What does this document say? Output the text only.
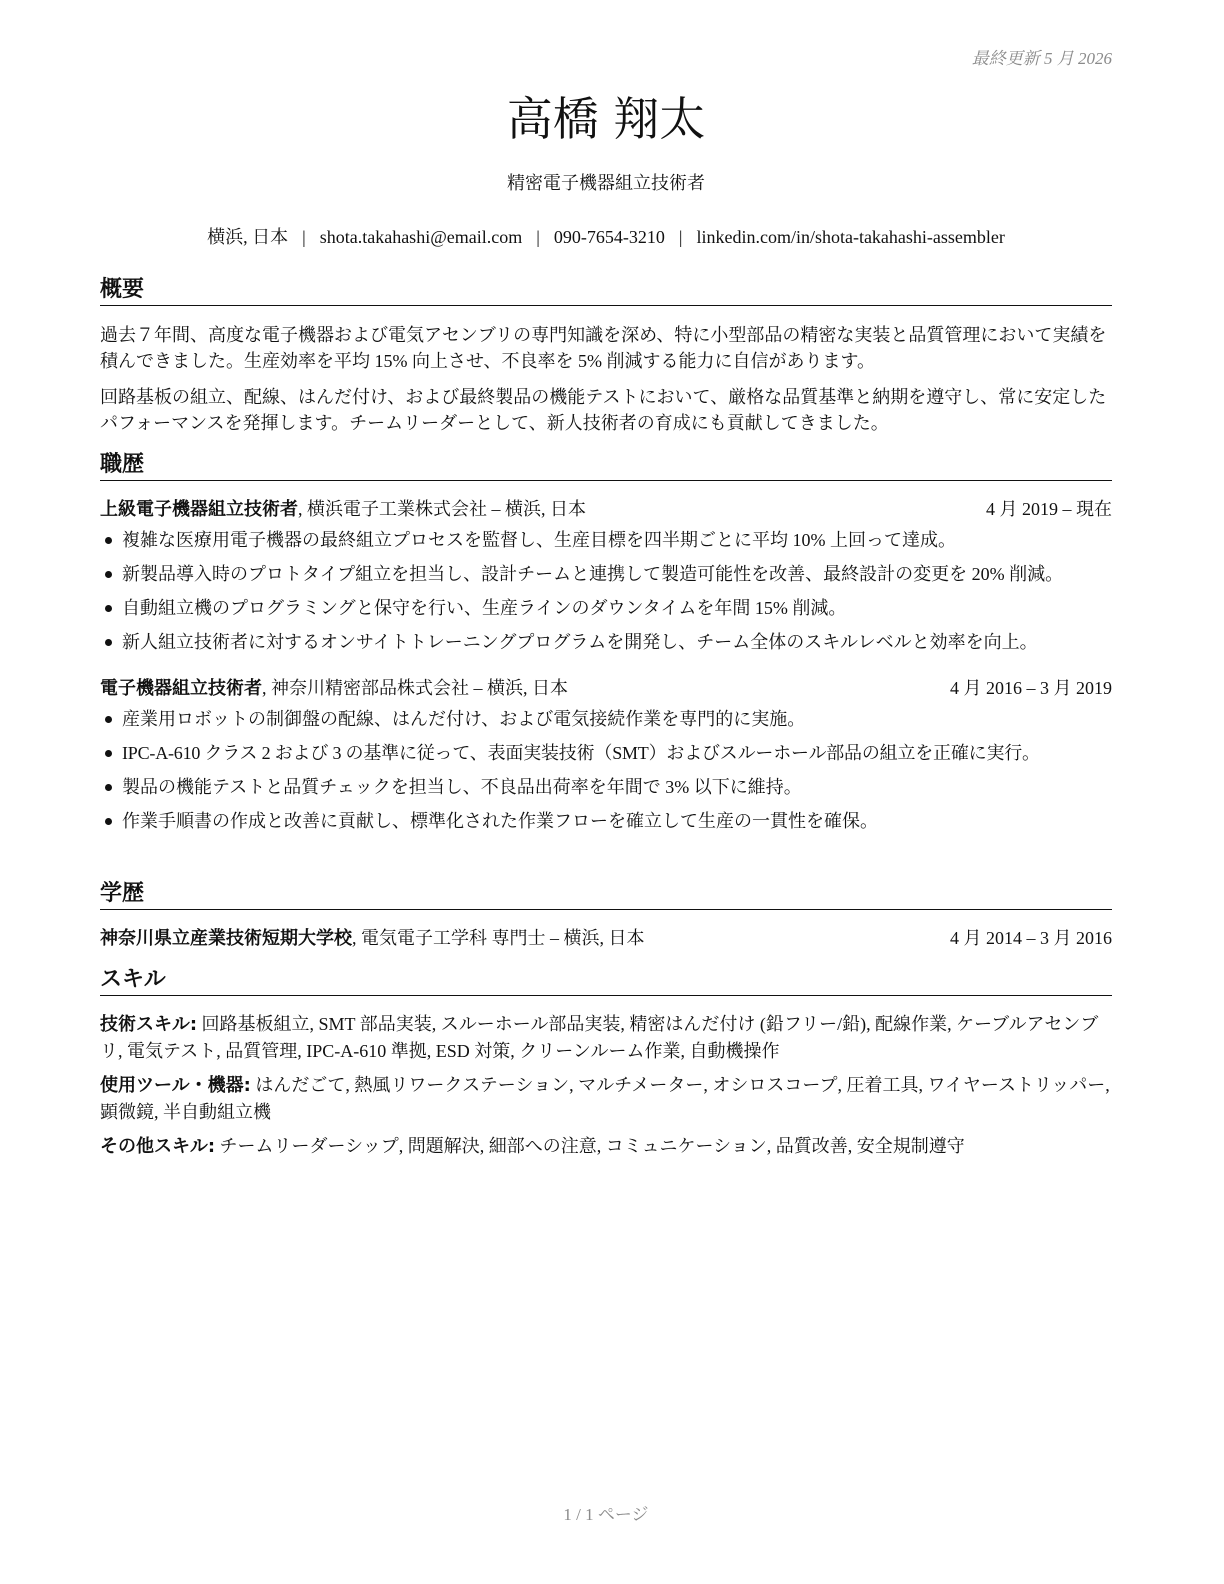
最終更新 5 月 2026
高橋 翔太
精密電子機器組立技術者
横浜, 日本 | shota.takahashi@email.com | 090-7654-3210 | linkedin.com/in/shota-takahashi-assembler
概要

過去７年間、高度な電子機器および電気アセンブリの専門知識を深め、特に小型部品の精密な実装と品質管理において実績を積んできました。生産効率を平均 15% 向上させ、不良率を 5% 削減する能力に自信があります。

回路基板の組立、配線、はんだ付け、および最終製品の機能テストにおいて、厳格な品質基準と納期を遵守し、常に安定したパフォーマンスを発揮します。チームリーダーとして、新人技術者の育成にも貢献してきました。

職歴
上級電子機器組立技術者, 横浜電子工業株式会社 – 横浜, 日本	4 月 2019 – 現在
複雑な医療用電子機器の最終組立プロセスを監督し、生産目標を四半期ごとに平均 10% 上回って達成。
新製品導入時のプロトタイプ組立を担当し、設計チームと連携して製造可能性を改善、最終設計の変更を 20% 削減。
自動組立機のプログラミングと保守を行い、生産ラインのダウンタイムを年間 15% 削減。
新人組立技術者に対するオンサイトトレーニングプログラムを開発し、チーム全体のスキルレベルと効率を向上。
電子機器組立技術者, 神奈川精密部品株式会社 – 横浜, 日本	4 月 2016 – 3 月 2019
産業用ロボットの制御盤の配線、はんだ付け、および電気接続作業を専門的に実施。
IPC-A-610 クラス 2 および 3 の基準に従って、表面実装技術（SMT）およびスルーホール部品の組立を正確に実行。
製品の機能テストと品質チェックを担当し、不良品出荷率を年間で 3% 以下に維持。
作業手順書の作成と改善に貢献し、標準化された作業フローを確立して生産の一貫性を確保。
学歴
神奈川県立産業技術短期大学校, 電気電子工学科 専門士 – 横浜, 日本	4 月 2014 – 3 月 2016
スキル

技術スキル: 回路基板組立, SMT 部品実装, スルーホール部品実装, 精密はんだ付け (鉛フリー/鉛), 配線作業, ケーブルアセンブリ, 電気テスト, 品質管理, IPC-A-610 準拠, ESD 対策, クリーンルーム作業, 自動機操作

使用ツール・機器: はんだごて, 熱風リワークステーション, マルチメーター, オシロスコープ, 圧着工具, ワイヤーストリッパー, 顕微鏡, 半自動組立機

その他スキル: チームリーダーシップ, 問題解決, 細部への注意, コミュニケーション, 品質改善, 安全規制遵守

1 / 1 ページ
